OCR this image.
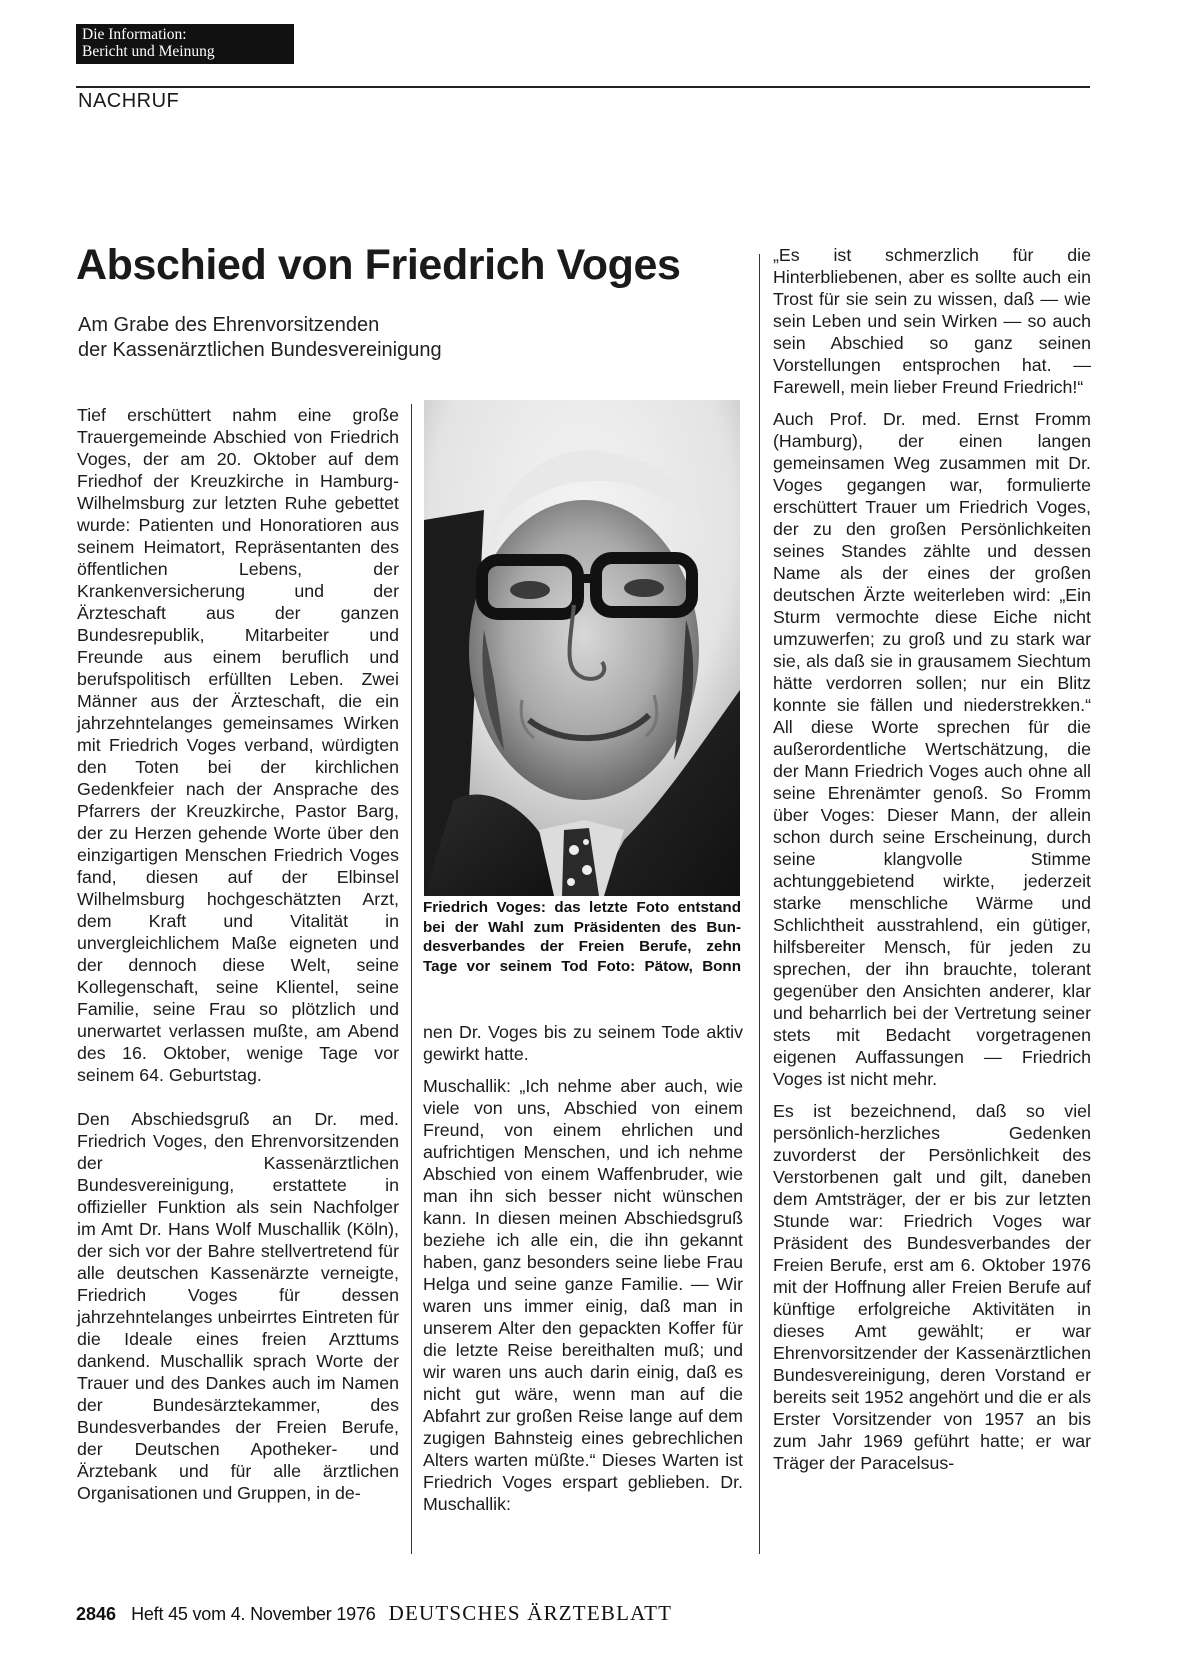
Die Information:
Bericht und Meinung
NACHRUF
Abschied von Friedrich Voges
Am Grabe des Ehrenvorsitzenden
der Kassenärztlichen Bundesvereinigung

Tief erschüttert nahm eine große Trauergemeinde Abschied von Friedrich Voges, der am 20. Oktober auf dem Friedhof der Kreuzkirche in Hamburg-Wilhelmsburg zur letzten Ruhe gebettet wurde: Patienten und Honoratioren aus seinem Heimatort, Repräsentanten des öffentlichen Lebens, der Krankenversicherung und der Ärzteschaft aus der ganzen Bundesrepublik, Mitarbeiter und Freunde aus einem beruflich und berufspolitisch erfüllten Leben. Zwei Männer aus der Ärzteschaft, die ein jahrzehntelanges gemeinsames Wirken mit Friedrich Voges verband, würdigten den Toten bei der kirchlichen Gedenkfeier nach der Ansprache des Pfarrers der Kreuzkirche, Pastor Barg, der zu Herzen gehende Worte über den einzigartigen Menschen Friedrich Voges fand, diesen auf der Elbinsel Wilhelmsburg hochgeschätzten Arzt, dem Kraft und Vitalität in unvergleichlichem Maße eigneten und der dennoch diese Welt, seine Kollegenschaft, seine Klientel, seine Familie, seine Frau so plötzlich und unerwartet verlassen mußte, am Abend des 16. Oktober, wenige Tage vor seinem 64. Geburtstag.

Den Abschiedsgruß an Dr. med. Friedrich Voges, den Ehrenvorsitzenden der Kassenärztlichen Bundesvereinigung, erstattete in offizieller Funktion als sein Nachfolger im Amt Dr. Hans Wolf Muschallik (Köln), der sich vor der Bahre stellvertretend für alle deutschen Kassenärzte verneigte, Friedrich Voges für dessen jahrzehntelanges unbeirrtes Eintreten für die Ideale eines freien Arzttums dankend. Muschallik sprach Worte der Trauer und des Dankes auch im Namen der Bundesärztekammer, des Bundesverbandes der Freien Berufe, der Deutschen Apotheker- und Ärztebank und für alle ärztlichen Organisationen und Gruppen, in de-

Friedrich Voges: das letzte Foto entstand
bei der Wahl zum Präsidenten des Bun-
desverbandes der Freien Berufe, zehn
Tage vor seinem Tod Foto: Pätow, Bonn

nen Dr. Voges bis zu seinem Tode aktiv gewirkt hatte.

Muschallik: „Ich nehme aber auch, wie viele von uns, Abschied von einem Freund, von einem ehrlichen und aufrichtigen Menschen, und ich nehme Abschied von einem Waffenbruder, wie man ihn sich besser nicht wünschen kann. In diesen meinen Abschiedsgruß beziehe ich alle ein, die ihn gekannt haben, ganz besonders seine liebe Frau Helga und seine ganze Familie. — Wir waren uns immer einig, daß man in unserem Alter den gepackten Koffer für die letzte Reise bereithalten muß; und wir waren uns auch darin einig, daß es nicht gut wäre, wenn man auf die Abfahrt zur großen Reise lange auf dem zugigen Bahnsteig eines gebrechlichen Alters warten müßte.“ Dieses Warten ist Friedrich Voges erspart geblieben. Dr. Muschallik:

„Es ist schmerzlich für die Hinterbliebenen, aber es sollte auch ein Trost für sie sein zu wissen, daß — wie sein Leben und sein Wirken — so auch sein Abschied so ganz seinen Vorstellungen entsprochen hat. — Farewell, mein lieber Freund Friedrich!“

Auch Prof. Dr. med. Ernst Fromm (Hamburg), der einen langen gemeinsamen Weg zusammen mit Dr. Voges gegangen war, formulierte erschüttert Trauer um Friedrich Voges, der zu den großen Persönlichkeiten seines Standes zählte und dessen Name als der eines der großen deutschen Ärzte weiterleben wird: „Ein Sturm vermochte diese Eiche nicht umzuwerfen; zu groß und zu stark war sie, als daß sie in grausamem Siechtum hätte verdorren sollen; nur ein Blitz konnte sie fällen und niederstrekken.“ All diese Worte sprechen für die außerordentliche Wertschätzung, die der Mann Friedrich Voges auch ohne all seine Ehrenämter genoß. So Fromm über Voges: Dieser Mann, der allein schon durch seine Erscheinung, durch seine klangvolle Stimme achtunggebietend wirkte, jederzeit starke menschliche Wärme und Schlichtheit ausstrahlend, ein gütiger, hilfsbereiter Mensch, für jeden zu sprechen, der ihn brauchte, tolerant gegenüber den Ansichten anderer, klar und beharrlich bei der Vertretung seiner stets mit Bedacht vorgetragenen eigenen Auffassungen — Friedrich Voges ist nicht mehr.

Es ist bezeichnend, daß so viel persönlich-herzliches Gedenken zuvorderst der Persönlichkeit des Verstorbenen galt und gilt, daneben dem Amtsträger, der er bis zur letzten Stunde war: Friedrich Voges war Präsident des Bundesverbandes der Freien Berufe, erst am 6. Oktober 1976 mit der Hoffnung aller Freien Berufe auf künftige erfolgreiche Aktivitäten in dieses Amt gewählt; er war Ehrenvorsitzender der Kassenärztlichen Bundesvereinigung, deren Vorstand er bereits seit 1952 angehört und die er als Erster Vorsitzender von 1957 an bis zum Jahr 1969 geführt hatte; er war Träger der Paracelsus-

2846 Heft 45 vom 4. November 1976 DEUTSCHES ÄRZTEBLATT
